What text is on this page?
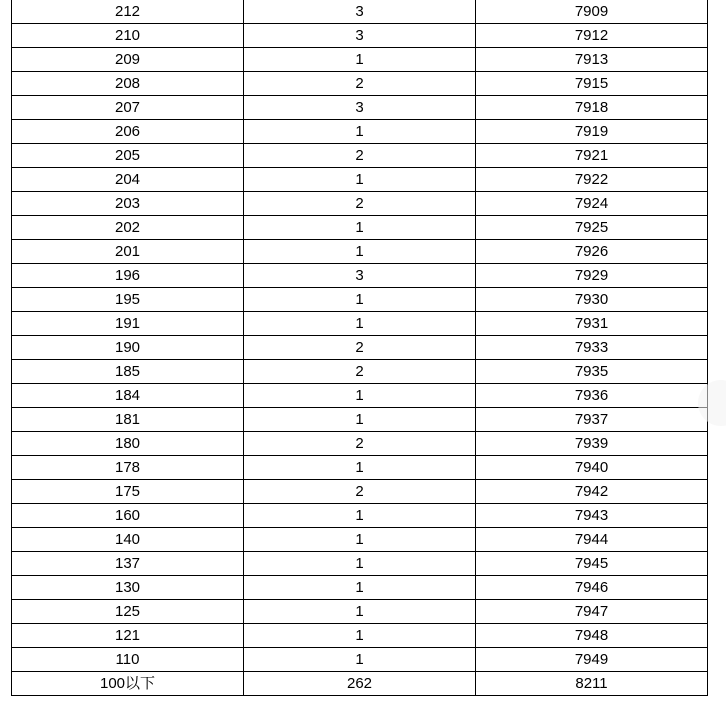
212	3	7909
210	3	7912
209	1	7913
208	2	7915
207	3	7918
206	1	7919
205	2	7921
204	1	7922
203	2	7924
202	1	7925
201	1	7926
196	3	7929
195	1	7930
191	1	7931
190	2	7933
185	2	7935
184	1	7936
181	1	7937
180	2	7939
178	1	7940
175	2	7942
160	1	7943
140	1	7944
137	1	7945
130	1	7946
125	1	7947
121	1	7948
110	1	7949
100以下	262	8211
